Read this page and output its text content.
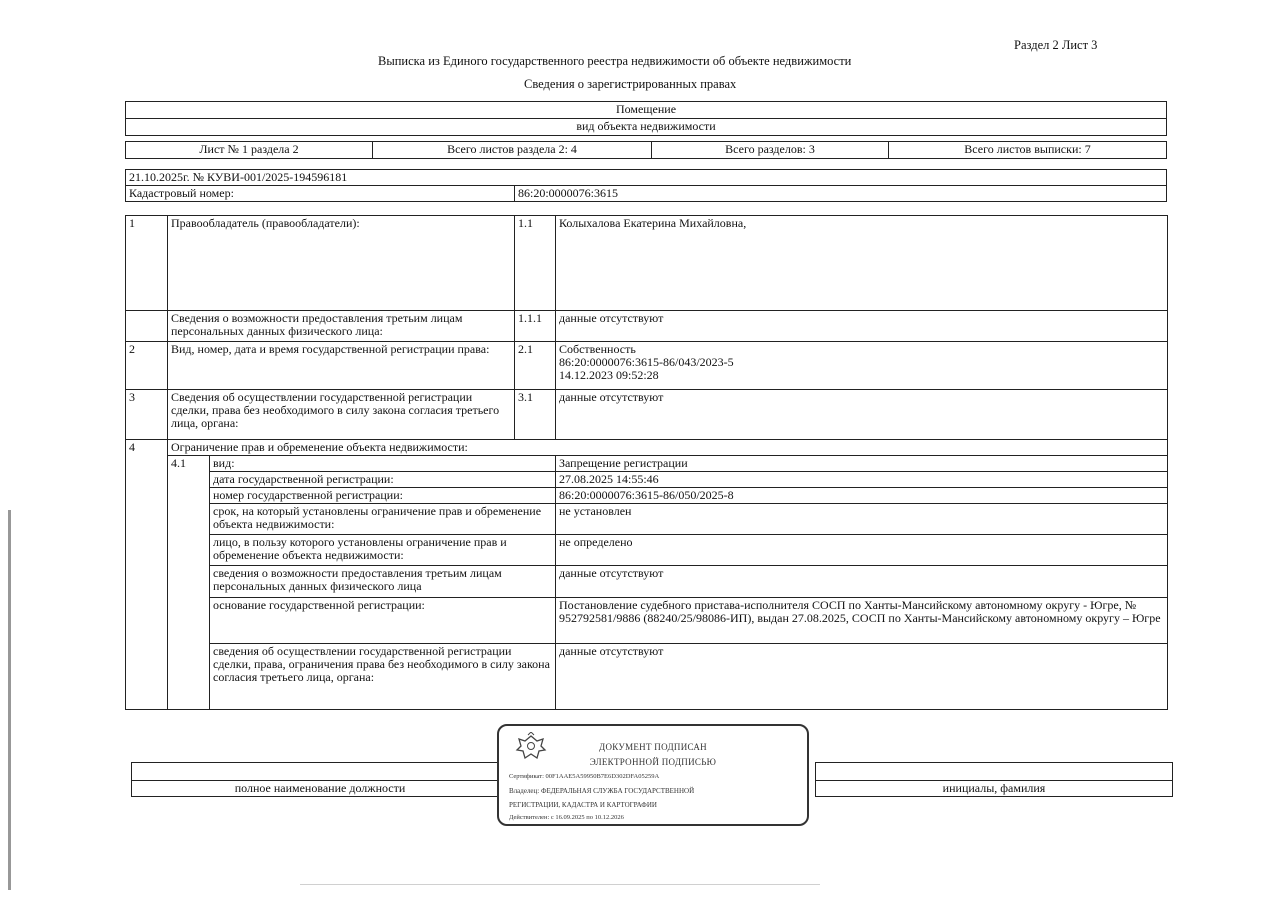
Раздел 2 Лист 3
Выписка из Единого государственного реестра недвижимости об объекте недвижимости
Сведения о зарегистрированных правах
Помещение
вид объекта недвижимости
Лист № 1 раздела 2	Всего листов раздела 2: 4	Всего разделов: 3	Всего листов выписки: 7
21.10.2025г. № КУВИ-001/2025-194596181
Кадастровый номер:	86:20:0000076:3615
1	Правообладатель (правообладатели):		1.1	Колыхалова Екатерина Михайловна,
	Сведения о возможности предоставления третьим лицам персональных данных физического лица:		1.1.1	данные отсутствуют
2	Вид, номер, дата и время государственной регистрации права:		2.1	Собственность
86:20:0000076:3615-86/043/2023-5
14.12.2023 09:52:28

3	Сведения об осуществлении государственной регистрации сделки, права без необходимого в силу закона согласия третьего лица, органа:		3.1	данные отсутствуют
4	Ограничение прав и обременение объекта недвижимости:			
	4.1	вид:		Запрещение регистрации
		дата государственной регистрации:		27.08.2025 14:55:46
		номер государственной регистрации:		86:20:0000076:3615-86/050/2025-8
		срок, на который установлены ограничение прав и обременение объекта недвижимости:		не установлен
		лицо, в пользу которого установлены ограничение прав и обременение объекта недвижимости:		не определено
		сведения о возможности предоставления третьим лицам персональных данных физического лица		данные отсутствуют
		основание государственной регистрации:		Постановление судебного пристава-исполнителя СОСП по Ханты-Мансийскому автономному округу - Югре, № 952792581/9886 (88240/25/98086-ИП), выдан 27.08.2025, СОСП по Ханты-Мансийскому автономному округу – Югре
		сведения об осуществлении государственной регистрации сделки, права, ограничения права без необходимого в силу закона согласия третьего лица, органа:		данные отсутствуют

полное наименование должности		инициалы, фамилия
ДОКУМЕНТ ПОДПИСАН
ЭЛЕКТРОННОЙ ПОДПИСЬЮ
Сертификат: 00F1AAE5A59950B7E6D302DFA05259A
Владелец: ФЕДЕРАЛЬНАЯ СЛУЖБА ГОСУДАРСТВЕННОЙ
РЕГИСТРАЦИИ, КАДАСТРА И КАРТОГРАФИИ
Действителен: с 16.09.2025 по 10.12.2026
